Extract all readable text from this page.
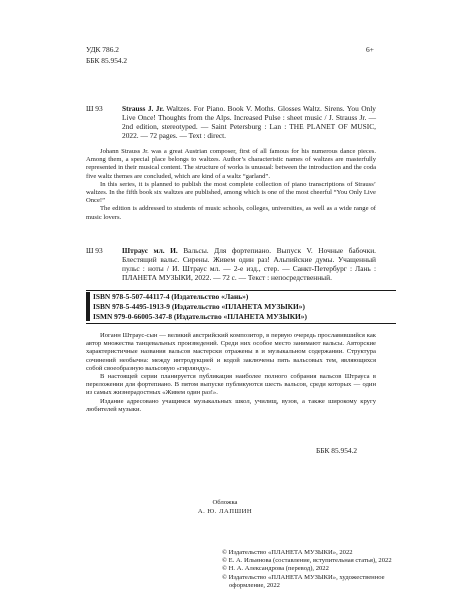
УДК 786.2
ББК 85.954.2
6+
Ш 93	Strauss J. Jr. Waltzes. For Piano. Book V. Moths. Glosses Waltz. Sirens. You Only Live Once! Thoughts from the Alps. Increased Pulse : sheet music / J. Strauss Jr. — 2nd edition, stereotyped. — Saint Petersburg : Lan : THE PLANET OF MUSIC, 2022. — 72 pages. — Text : direct.

Johann Strauss Jr. was a great Austrian composer, first of all famous for his numerous dance pieces. Among them, a special place belongs to waltzes. Author’s characteristic names of waltzes are masterfully represented in their musical content. The structure of works is unusual: between the introduction and the coda five waltz themes are concluded, which are kind of a waltz “garland”.

In this series, it is planned to publish the most complete collection of piano transcriptions of Strauss’ waltzes. In the fifth book six waltzes are published, among which is one of the most cheerful “You Only Live Once!”

The edition is addressed to students of music schools, colleges, universities, as well as a wide range of music lovers.

Ш 93	Штраус мл. И. Вальсы. Для фортепиано. Выпуск V. Ночные бабочки. Блестящий вальс. Сирены. Живем один раз! Альпийские думы. Учащенный пульс : ноты / И. Штраус мл. — 2-е изд., стер. — Санкт-Петербург : Лань : ПЛАНЕТА МУЗЫКИ, 2022. — 72 с. — Текст : непосредственный.
ISBN 978-5-507-44117-4 (Издательство «Лань»)
ISBN 978-5-4495-1913-9 (Издательство «ПЛАНЕТА МУЗЫКИ»)
ISMN 979-0-66005-347-8 (Издательство «ПЛАНЕТА МУЗЫКИ»)

Иоганн Штраус-сын — великий австрийский композитор, в первую очередь прославившийся как автор множества танцевальных произведений. Среди них особое место занимают вальсы. Авторские характеристичные названия вальсов мастерски отражены в и музыкальном содержании. Структура сочинений необычна: между интродукцией и кодой заключены пять вальсовых тем, являющихся собой своеобразную вальсовую «гирлянду».

В настоящей серии планируется публикация наиболее полного собрания вальсов Штрауса в переложении для фортепиано. В пятом выпуске публикуются шесть вальсов, среди которых — один из самых жизнерадостных «Живем один раз!».

Издание адресовано учащимся музыкальных школ, училищ, вузов, а также широкому кругу любителей музыки.

ББК 85.954.2
Обложка
А. Ю. ЛАПШИН
© Издательство «ПЛАНЕТА МУЗЫКИ», 2022
© Е. А. Ильинова (составление, вступительная статья), 2022
© Н. А. Александрова (перевод), 2022
© Издательство «ПЛАНЕТА МУЗЫКИ», художественное
оформление, 2022
